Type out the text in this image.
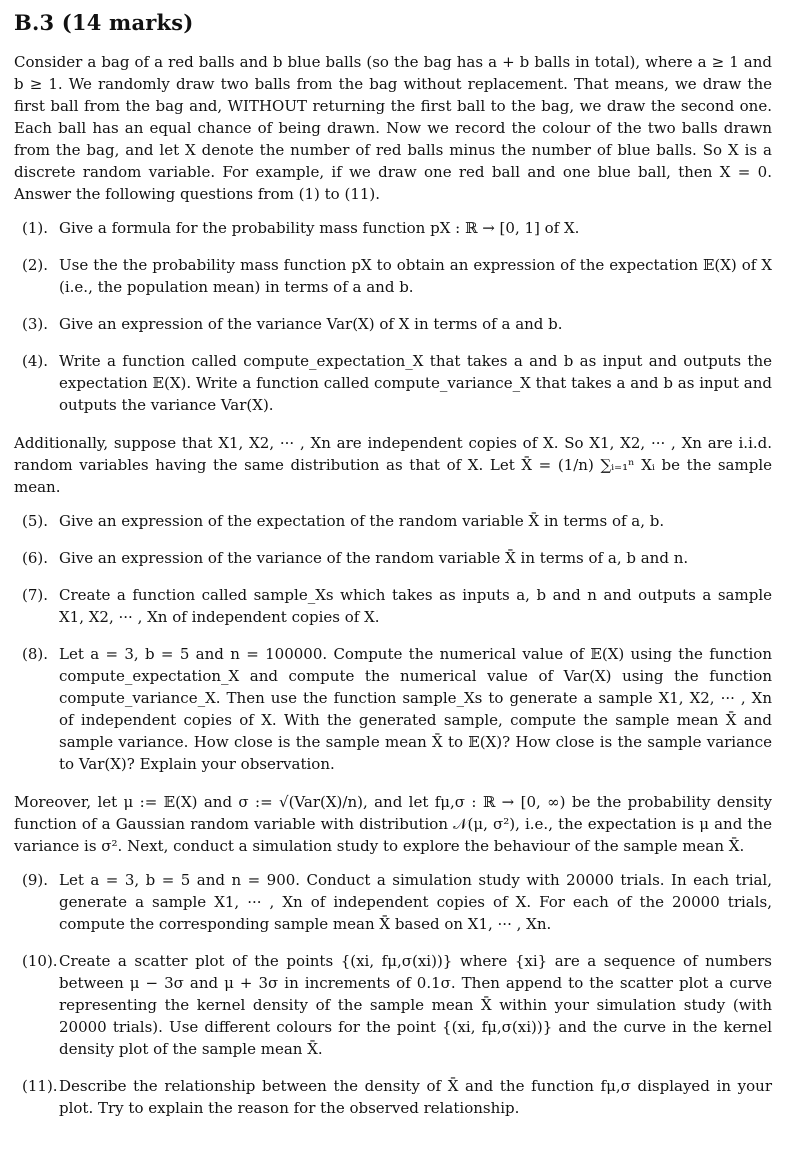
B.3 (14 marks)

Consider a bag of a red balls and b blue balls (so the bag has a + b balls in total), where a ≥ 1 and b ≥ 1. We randomly draw two balls from the bag without replacement. That means, we draw the first ball from the bag and, WITHOUT returning the first ball to the bag, we draw the second one. Each ball has an equal chance of being drawn. Now we record the colour of the two balls drawn from the bag, and let X denote the number of red balls minus the number of blue balls. So X is a discrete random variable. For example, if we draw one red ball and one blue ball, then X = 0. Answer the following questions from (1) to (11).

(1). Give a formula for the probability mass function pX : ℝ → [0, 1] of X.
(2). Use the the probability mass function pX to obtain an expression of the expectation 𝔼(X) of X (i.e., the population mean) in terms of a and b.
(3). Give an expression of the variance Var(X) of X in terms of a and b.
(4). Write a function called compute_expectation_X that takes a and b as input and outputs the expectation 𝔼(X). Write a function called compute_variance_X that takes a and b as input and outputs the variance Var(X).

Additionally, suppose that X1, X2, ··· , Xn are independent copies of X. So X1, X2, ··· , Xn are i.i.d. random variables having the same distribution as that of X. Let X̄ = (1/n) ∑ᵢ₌₁ⁿ Xᵢ be the sample mean.

(5). Give an expression of the expectation of the random variable X̄ in terms of a, b.
(6). Give an expression of the variance of the random variable X̄ in terms of a, b and n.
(7). Create a function called sample_Xs which takes as inputs a, b and n and outputs a sample X1, X2, ··· , Xn of independent copies of X.
(8). Let a = 3, b = 5 and n = 100000. Compute the numerical value of 𝔼(X) using the function compute_expectation_X and compute the numerical value of Var(X) using the function compute_variance_X. Then use the function sample_Xs to generate a sample X1, X2, ··· , Xn of independent copies of X. With the generated sample, compute the sample mean X̄ and sample variance. How close is the sample mean X̄ to 𝔼(X)? How close is the sample variance to Var(X)? Explain your observation.

Moreover, let μ := 𝔼(X) and σ := √(Var(X)/n), and let fμ,σ : ℝ → [0, ∞) be the probability density function of a Gaussian random variable with distribution 𝒩(μ, σ²), i.e., the expectation is μ and the variance is σ². Next, conduct a simulation study to explore the behaviour of the sample mean X̄.

(9). Let a = 3, b = 5 and n = 900. Conduct a simulation study with 20000 trials. In each trial, generate a sample X1, ··· , Xn of independent copies of X. For each of the 20000 trials, compute the corresponding sample mean X̄ based on X1, ··· , Xn.
(10). Create a scatter plot of the points {(xi, fμ,σ(xi))} where {xi} are a sequence of numbers between μ − 3σ and μ + 3σ in increments of 0.1σ. Then append to the scatter plot a curve representing the kernel density of the sample mean X̄ within your simulation study (with 20000 trials). Use different colours for the point {(xi, fμ,σ(xi))} and the curve in the kernel density plot of the sample mean X̄.
(11). Describe the relationship between the density of X̄ and the function fμ,σ displayed in your plot. Try to explain the reason for the observed relationship.
